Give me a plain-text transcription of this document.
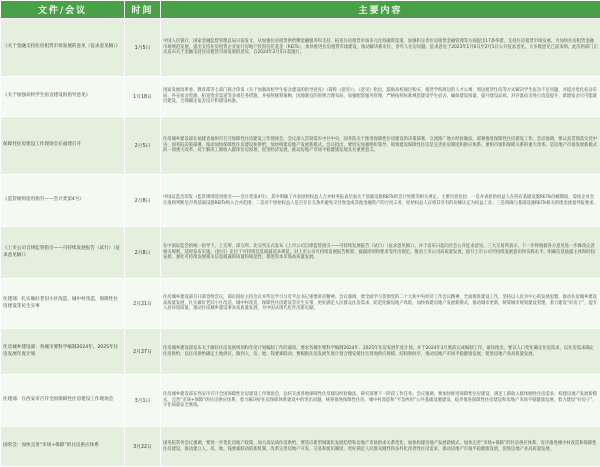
文件/会议	时间	主要内容
《关于金融支持住房租赁市场发展的意见（征求意见稿）》	1月5日	中国人民银行、国家金融监督管理总局日前发文，从加强住房租赁供给侧金融服务和支持、拓宽住房租赁市场多元化投融资渠道、加强和完善住房租赁金融管理等方面提出17条举措，支持住房租赁市场发展。为加快住房租赁金融市场规范发展，提出支持住房租赁企业发行房地产投资信托基金（REITs），加快推进住房租赁市场建设，推动解决新市民、青年人住房问题。征求意见于2023年1月6日至2月5日公开征求意见，大多数意见已获采纳。此次两部门正式发布关于金融支持住房租赁市场发展的意见，自2024年2月5日起施行。
《关于加强高校学生宿舍建设的指导意见》	1月18日	国家发展改革委、教育部等七部门联合印发《关于加强高校学生宿舍建设的指导意见》（简称《意见》）。《意见》指出，鼓励高校通过购买、租赁学校周边的人才公寓、周边租赁住房等方式解决学生宿舍不足问题，并提出优化宿舍布局、补充宿舍资源、拓宽资金渠道等多项任务措施，并按照统筹兼顾、因地制宜的原则合理布局，加强配套服务管理，严格按照标准规范建设学生宿舍，确保建设质量，提升建设品质。对存量宿舍进行改造提升、新建宿舍尽可能就近建设，合理确定宿舍设计和建设标准。
保障性住房建设工作现场会在福建召开	2月5日	住房城乡建设部在福建省福州市召开保障性住房建设工作现场会，会议深入贯彻落实中共中央、国务院关于推进保障性住房建设的决策部署，交流推广地方经验做法，部署推进保障性住房建设工作。会议强调，要认真贯彻落实党中央、国务院决策部署，推动加快保障性住房建设和供给，加快构建房地产发展新模式。会议指出，要切实加强组织领导，规划建设保障性住房是完善住房制度和供应体系、重构市场和保障关系的重大改革，是房地产市场发展新模式的一项重大改革，对于解决工薪收入群体住房困难，促进经济发展，推动房地产市场平稳健康发展具有重要意义。
《监管规则适用指引——会计类第4号》	2月8日	中国证监会印发《监管规则适用指引——会计类第4号》，其中明确了并表原始权益人合并财务报表层面关于基础设施REITs的会计处理等相关规定。主要内容包括：一是并表原始权益人在持有基础设施REITs份额期间，需按企业会计准则判断是否将基础设施REITs纳入合并范围；二是对于原始权益人是否存在无条件避免交付现金或其他金融资产的合同义务，原始权益人应将其享有的份额认定为权益工具；三是明确与基础设施REITs相关的现金流量列报要求。
《上市公司自律监管指引——可持续发展报告（试行）（征求意见稿）》	2月8日	在中国证监会的统一指导下，上交所、深交所、北交所正式发布《上市公司自律监管指引——可持续发展报告（试行）（征求意见稿）》，并于发布日起向社会公开征求意见。三大交易所表示，下一步将根据各方意见进一步修改完善相关规则，适时发布实施。《指引》定位于可持续信息披露基本规范，对上市公司可持续发展报告框架、披露原则和要求等作出规定，推动上市公司高质量发展，提升上市公司可持续发展意识和实践水平，明确信息披露主体和时间安排，强化可持续发展相关信息披露的质量和规范性，推进资本市场高质量发展。
住建部：扎实做好老旧小区改造、城中村改造、保障性住房建设等民生实事	2月21日	住房城乡建设部召开部党组会议，部长倪虹主持会议并传达学习习近平总书记重要讲话精神。会议强调，要全面学习贯彻党的二十大和中央经济工作会议精神，全面推进建设工作，坚持以人民为中心的发展思想，推动住房城乡建设高质量发展，扎实做好老旧小区改造、城中村改造、保障性住房建设等民生实事，更好满足人民群众住房需求，防范化解房地产风险，加快构建房地产发展新模式，推动城市更新，统筹城市规划建设管理，着力建设“好房子”，提升人居环境质量，推动住房城乡建设事业高质量发展，为中国式现代化作出新贡献。
住房城乡建设部：各城市要科学编制2024年、2025年住房发展年度计划	2月27日	住房城乡建设部发布关于做好住房发展规划和年度计划编制工作的通知，要求各城市要科学编制2024年、2025年住房发展年度计划，并于2024年3月底前完成编制工作。通知指出，要以人口变化确定住房需求，以住房需求确定住房供给，以住房供给确定土地供应，做到人、房、地、钱要素联动；要根据住房发展年度计划合理安排住宅用地供应规模、结构和时序，推动房地产市场平稳健康发展，促进房地产业高质量发展。
住建部：在西安市召开全国保障性住房建设工作现场会	3月1日	住房城乡建设部在西安市召开全国保障性住房建设工作现场会，总结交流各地保障性住房建设经验做法，研究部署下一阶段工作任务。会议强调，要加快推进保障性住房建设，满足工薪收入群体刚性住房需求，构建房地产发展新模式，完善“市场+保障”的住房供应体系，着力解决好住房保障体系建设中的突出问题，统筹推进保障性住房、城中村改造和“平急两用”公共基础设施建设，稳步推进保障性住房建设和房地产市场平稳健康发展，着力建设“好房子”，守住质量安全底线。
国常会：加快完善“市场+保障”的住房供应体系	3月22日	国务院常务会议强调，要进一步优化房地产政策，加大高品质住房供给，要适应新型城镇化发展趋势和房地产市场供求关系变化，加快构建房地产发展新模式，加快完善“市场+保障”的住房供应体系，有序推进城中村改造和保障性住房建设，推动建立人、房、地、钱要素联动的新机制，改革完善房地产开发、交易和使用制度，更好满足人民群众刚性和多样化改善性住房需求，推动房地产市场平稳健康发展，促进房地产业高质量发展。
